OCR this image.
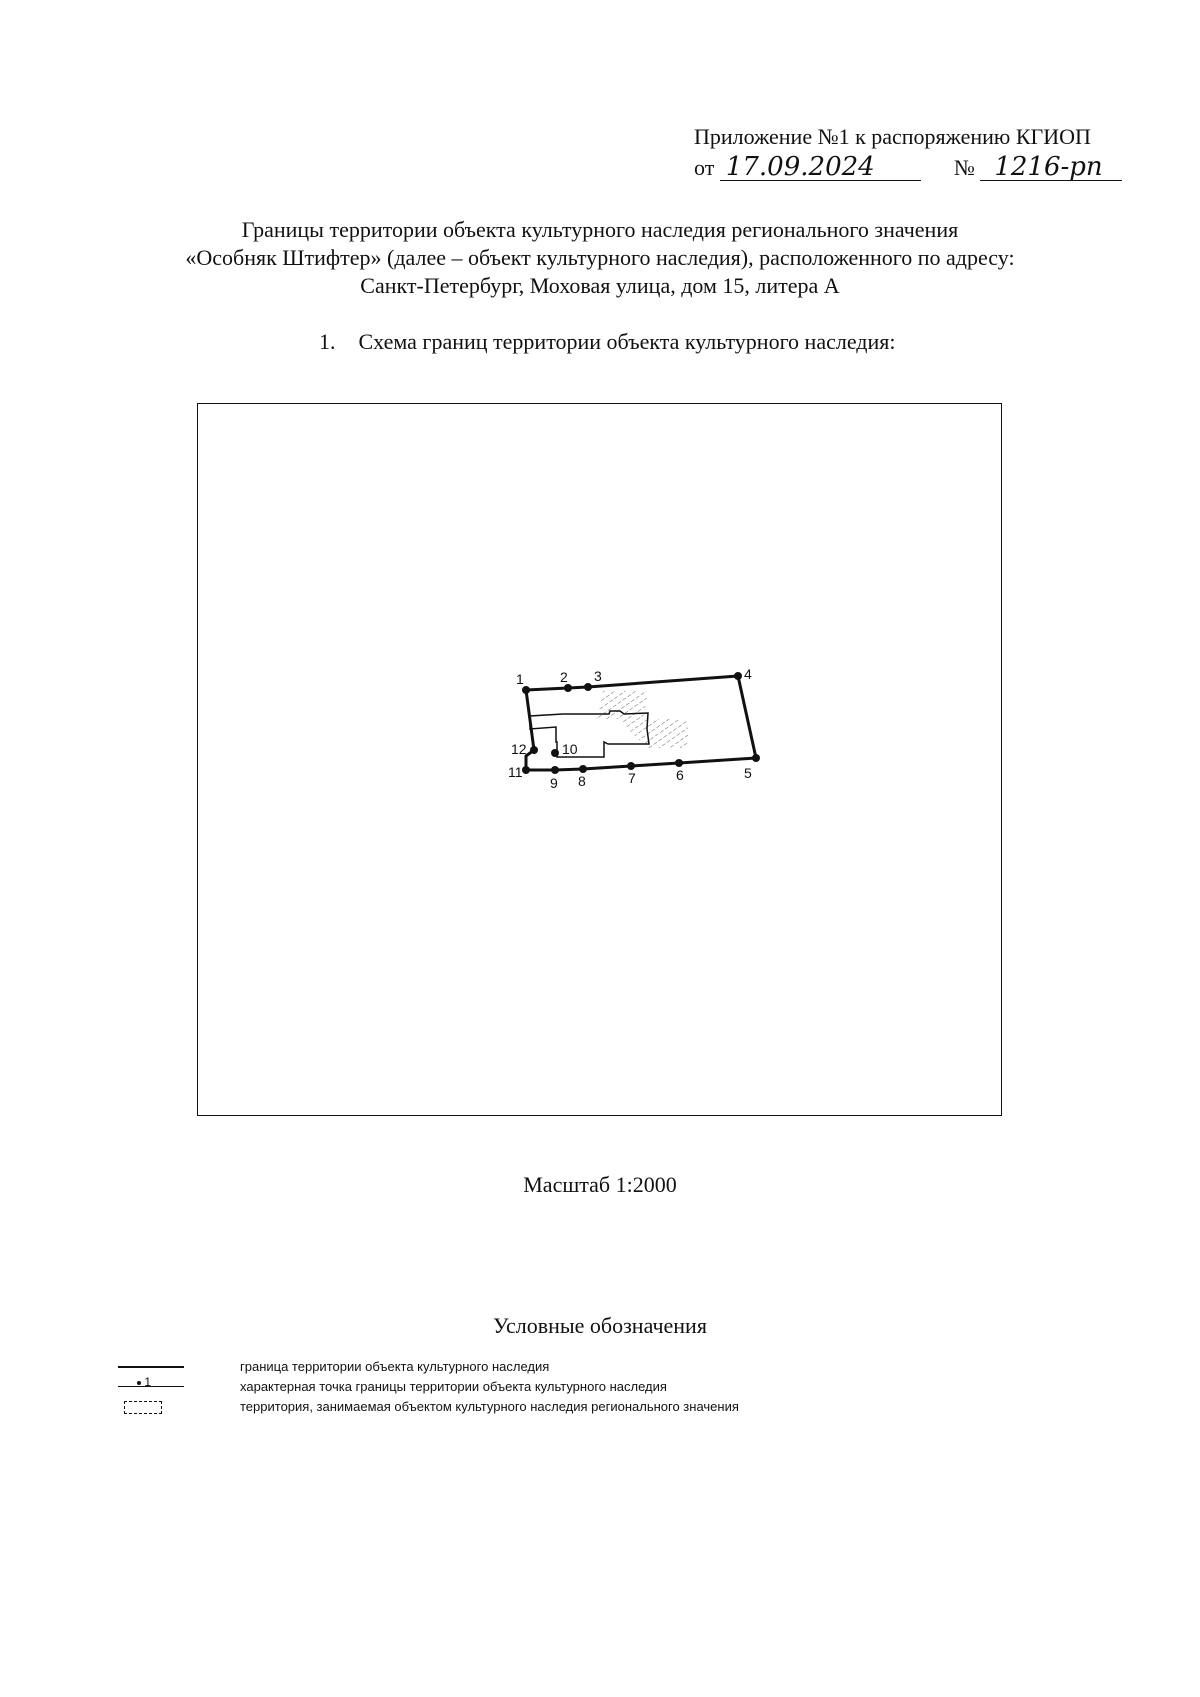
Приложение №1 к распоряжению КГИОП
от 17.09.2024	№ 1216-рп
Границы территории объекта культурного наследия регионального значения
«Особняк Штифтер» (далее – объект культурного наследия), расположенного по адресу:
Санкт-Петербург, Моховая улица, дом 15, литера А
1. Схема границ территории объекта культурного наследия:
1	2 3	4
5
6
7
8
9
10
11
12
Масштаб 1:2000
Условные обозначения
граница территории объекта культурного наследия
характерная точка границы территории объекта культурного наследия
1
территория, занимаемая объектом культурного наследия регионального значения
